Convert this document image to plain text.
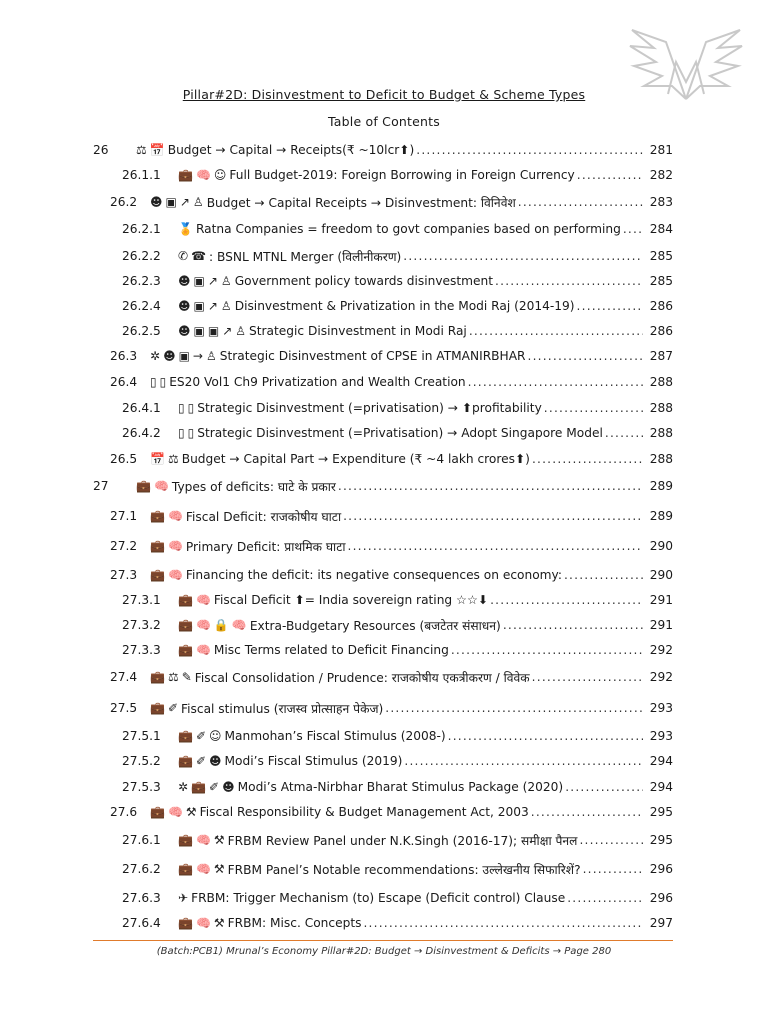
Pillar#2D: Disinvestment to Deficit to Budget & Scheme Types
Table of Contents
26 ⚖ 📅 Budget → Capital → Receipts(₹ ~10lcr⬆) .....	281
26.1.1 💼 🧠 ☺ Full Budget-2019: Foreign Borrowing in Foreign Currency .....	282
26.2 ☻ ▣ ↗ ♙ Budget → Capital Receipts → Disinvestment: विनिवेश .....	283
26.2.1 🏅 Ratna Companies = freedom to govt companies based on performing ..... 284
26.2.2 ✆ ☎ : BSNL MTNL Merger (विलीनीकरण) .....	285
26.2.3 ☻ ▣ ↗ ♙ Government policy towards disinvestment .....	285
26.2.4 ☻ ▣ ↗ ♙ Disinvestment & Privatization in the Modi Raj (2014-19) .....	286
26.2.5 ☻ ▣ ▣ ↗ ♙ Strategic Disinvestment in Modi Raj .....	286
26.3 ✲ ☻ ▣ → ♙ Strategic Disinvestment of CPSE in ATMANIRBHAR .....	287
26.4 ▯ ▯ ES20 Vol1 Ch9 Privatization and Wealth Creation .....	288
26.4.1 ▯ ▯ Strategic Disinvestment (=privatisation) → ⬆profitability .....	288
26.4.2 ▯ ▯ Strategic Disinvestment (=Privatisation) → Adopt Singapore Model .....	288
26.5 📅 ⚖ Budget → Capital Part → Expenditure (₹ ~4 lakh crores⬆) .....	288
27 💼 🧠 Types of deficits: घाटे के प्रकार .....	289
27.1 💼 🧠 Fiscal Deficit: राजकोषीय घाटा .....	289
27.2 💼 🧠 Primary Deficit: प्राथमिक घाटा .....	290
27.3 💼 🧠 Financing the deficit: its negative consequences on economy: .....	290
27.3.1 💼 🧠 Fiscal Deficit ⬆= India sovereign rating ☆☆⬇ .....	291
27.3.2 💼 🧠 🔒 🧠 Extra-Budgetary Resources (बजटेतर संसाधन) .....	291
27.3.3 💼 🧠 Misc Terms related to Deficit Financing .....	292
27.4 💼 ⚖ ✎ Fiscal Consolidation / Prudence: राजकोषीय एकत्रीकरण / विवेक .....	292
27.5 💼 ✐ Fiscal stimulus (राजस्व प्रोत्साहन पेकेज) .....	293
27.5.1 💼 ✐ ☺ Manmohan’s Fiscal Stimulus (2008-) .....	293
27.5.2 💼 ✐ ☻ Modi’s Fiscal Stimulus (2019) .....	294
27.5.3 ✲ 💼 ✐ ☻ Modi’s Atma-Nirbhar Bharat Stimulus Package (2020) .....	294
27.6 💼 🧠 ⚒ Fiscal Responsibility & Budget Management Act, 2003 .....	295
27.6.1 💼 🧠 ⚒ FRBM Review Panel under N.K.Singh (2016-17); समीक्षा पैनल .....	295
27.6.2 💼 🧠 ⚒ FRBM Panel’s Notable recommendations: उल्लेखनीय सिफारिशें? .....	296
27.6.3 ✈ FRBM: Trigger Mechanism (to) Escape (Deficit control) Clause .....	296
27.6.4 💼 🧠 ⚒ FRBM: Misc. Concepts .....	297
(Batch:PCB1) Mrunal’s Economy Pillar#2D: Budget → Disinvestment & Deficits → Page 280
